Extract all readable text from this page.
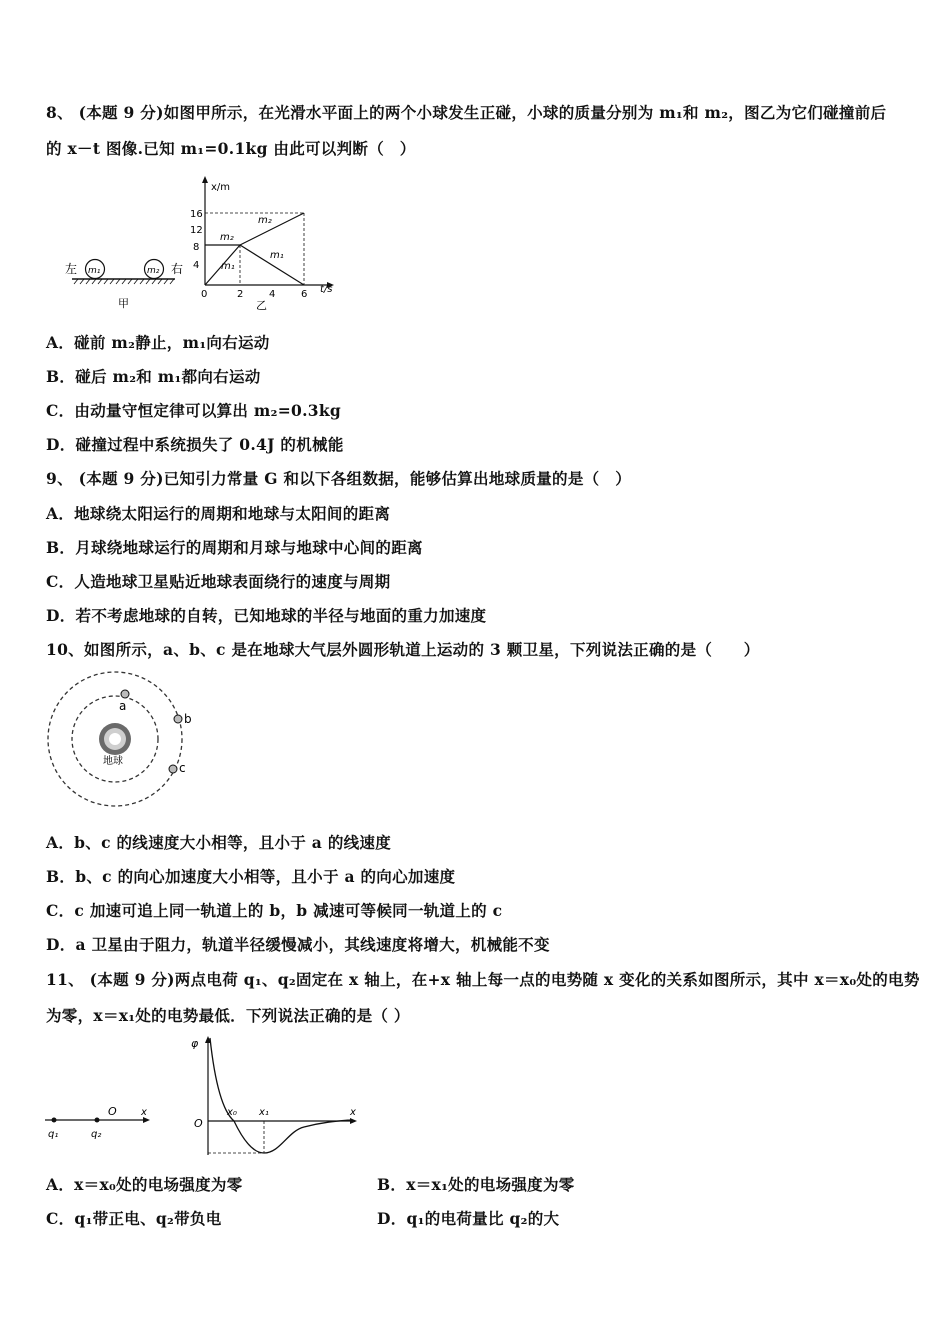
8、 (本题 9 分)如图甲所示，在光滑水平面上的两个小球发生正碰，小球的质量分别为 m₁和 m₂，图乙为它们碰撞前后
的 x－t 图像.已知 m₁=0.1kg 由此可以判断（　）
左 m₁	m₂ 右
甲
x/m
t/s
16
12
8
4
0	2	4	6
m₂
m₂
m₁
m₁
乙
A．碰前 m₂静止，m₁向右运动
B．碰后 m₂和 m₁都向右运动
C．由动量守恒定律可以算出 m₂=0.3kg
D．碰撞过程中系统损失了 0.4J 的机械能
9、 (本题 9 分)已知引力常量 G 和以下各组数据，能够估算出地球质量的是（　）
A．地球绕太阳运行的周期和地球与太阳间的距离
B．月球绕地球运行的周期和月球与地球中心间的距离
C．人造地球卫星贴近地球表面绕行的速度与周期
D．若不考虑地球的自转，已知地球的半径与地面的重力加速度
10、如图所示，a、b、c 是在地球大气层外圆形轨道上运动的 3 颗卫星，下列说法正确的是（　　）
地球
a
b
c
A．b、c 的线速度大小相等，且小于 a 的线速度
B．b、c 的向心加速度大小相等，且小于 a 的向心加速度
C．c 加速可追上同一轨道上的 b，b 减速可等候同一轨道上的 c
D．a 卫星由于阻力，轨道半径缓慢减小，其线速度将增大，机械能不变
11、 (本题 9 分)两点电荷 q₁、q₂固定在 x 轴上，在+x 轴上每一点的电势随 x 变化的关系如图所示，其中 x＝x₀处的电势
为零，x＝x₁处的电势最低．下列说法正确的是（ ）
q₁	q₂
O x
φ
x
O
x₀ x₁
A．x＝x₀处的电场强度为零	B．x＝x₁处的电场强度为零
C．q₁带正电、q₂带负电	D．q₁的电荷量比 q₂的大
